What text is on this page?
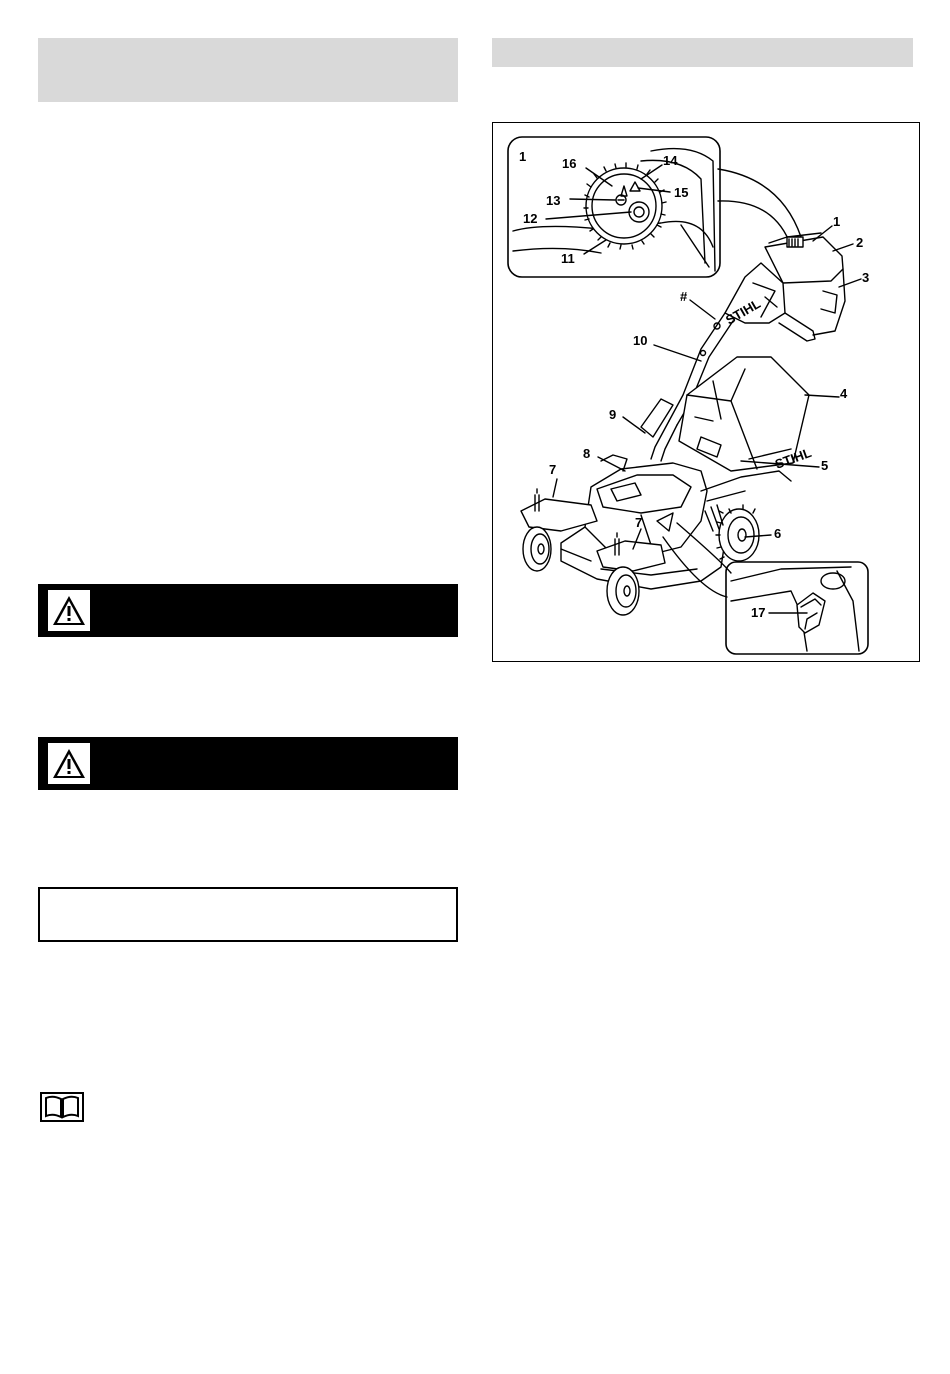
STIHL
STIHL
1	16	14
13
15
12
11
1
2
3
#
10
4
9
8
5
7
7
6
17
